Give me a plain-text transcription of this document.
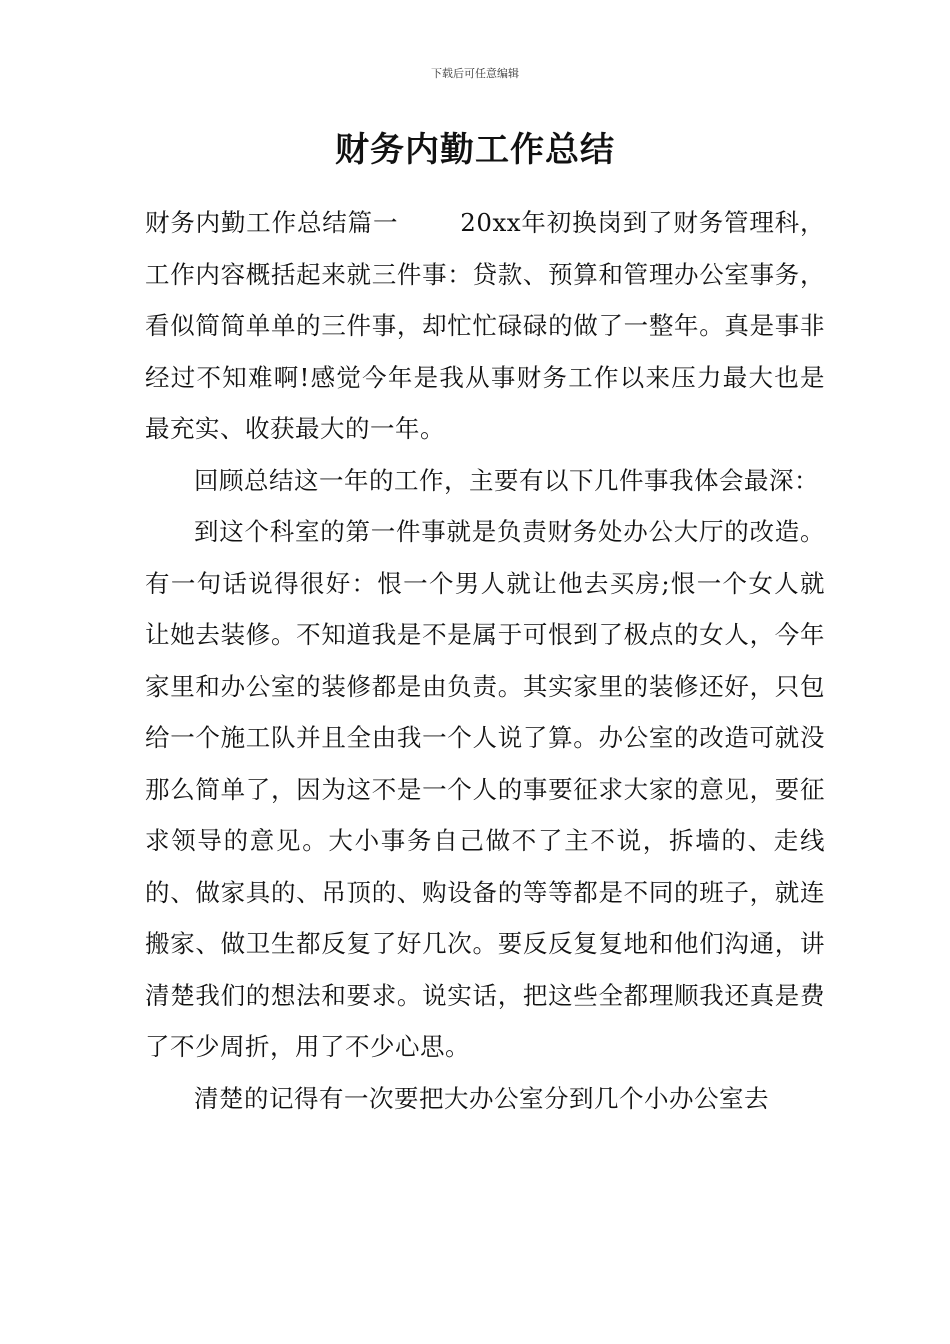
下载后可任意编辑
财务内勤工作总结

财务内勤工作总结篇一	20xx年初换岗到了财务管理科，工作内容概括起来就三件事：贷款、预算和管理办公室事务，看似简简单单的三件事，却忙忙碌碌的做了一整年。真是事非经过不知难啊!感觉今年是我从事财务工作以来压力最大也是最充实、收获最大的一年。

回顾总结这一年的工作，主要有以下几件事我体会最深：

到这个科室的第一件事就是负责财务处办公大厅的改造。有一句话说得很好：恨一个男人就让他去买房;恨一个女人就让她去装修。不知道我是不是属于可恨到了极点的女人，今年家里和办公室的装修都是由负责。其实家里的装修还好，只包给一个施工队并且全由我一个人说了算。办公室的改造可就没那么简单了，因为这不是一个人的事要征求大家的意见，要征求领导的意见。大小事务自己做不了主不说，拆墙的、走线的、做家具的、吊顶的、购设备的等等都是不同的班子，就连搬家、做卫生都反复了好几次。要反反复复地和他们沟通，讲清楚我们的想法和要求。说实话，把这些全都理顺我还真是费了不少周折，用了不少心思。

清楚的记得有一次要把大办公室分到几个小办公室去
